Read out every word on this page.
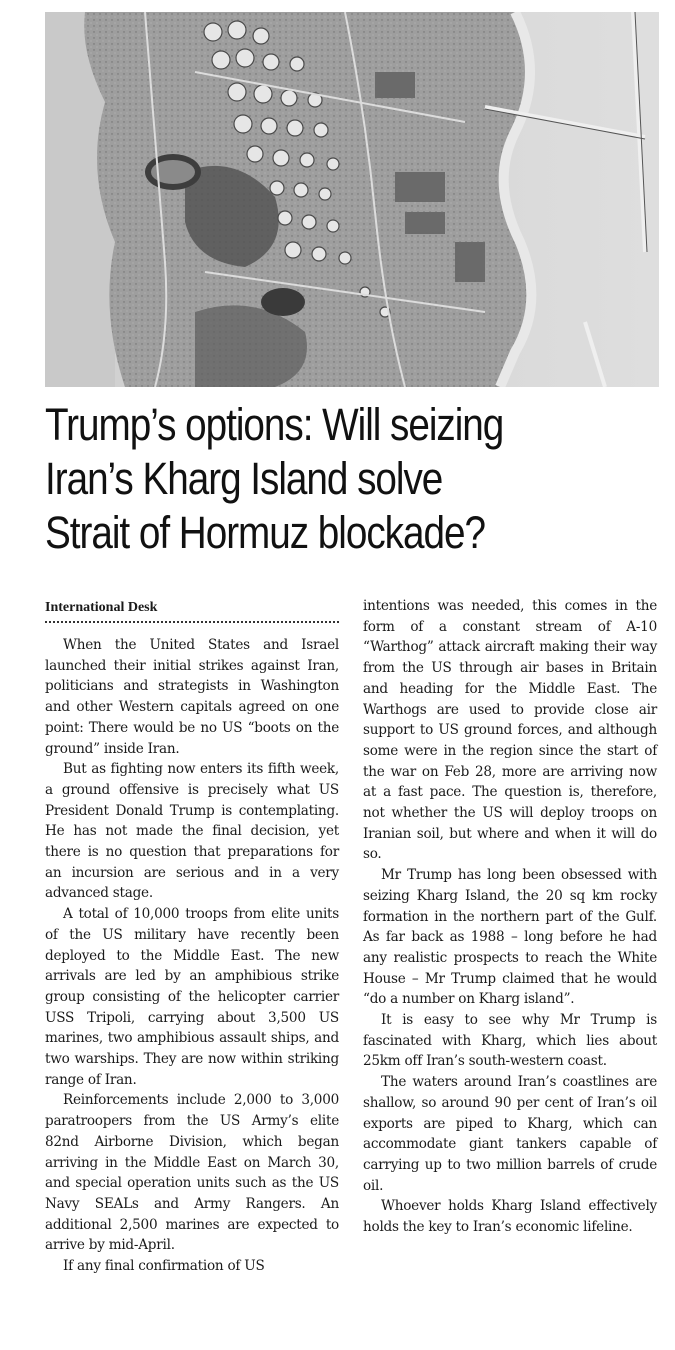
Trump’s options: Will seizing
Iran’s Kharg Island solve
Strait of Hormuz blockade?
International Desk

When the United States and Israel launched their initial strikes against Iran, politicians and strategists in Washington and other Western capitals agreed on one point: There would be no US “boots on the ground” inside Iran.

But as fighting now enters its fifth week, a ground offensive is precisely what US President Donald Trump is contemplating. He has not made the final decision, yet there is no question that preparations for an incursion are serious and in a very advanced stage.

A total of 10,000 troops from elite units of the US military have recently been deployed to the Middle East. The new arrivals are led by an amphibious strike group consisting of the helicopter carrier USS Tripoli, carrying about 3,500 US marines, two amphibious assault ships, and two warships. They are now within striking range of Iran.

Reinforcements include 2,000 to 3,000 paratroopers from the US Army’s elite 82nd Airborne Division, which began arriving in the Middle East on March 30, and special operation units such as the US Navy SEALs and Army Rangers. An additional 2,500 marines are expected to arrive by mid-April.

If any final confirmation of US

intentions was needed, this comes in the form of a constant stream of A-10 “Warthog” attack aircraft making their way from the US through air bases in Britain and heading for the Middle East. The Warthogs are used to provide close air support to US ground forces, and although some were in the region since the start of the war on Feb 28, more are arriving now at a fast pace. The question is, therefore, not whether the US will deploy troops on Iranian soil, but where and when it will do so.

Mr Trump has long been obsessed with seizing Kharg Island, the 20 sq km rocky formation in the northern part of the Gulf. As far back as 1988 – long before he had any realistic prospects to reach the White House – Mr Trump claimed that he would “do a number on Kharg island”.

It is easy to see why Mr Trump is fascinated with Kharg, which lies about 25km off Iran’s south-western coast.

The waters around Iran’s coastlines are shallow, so around 90 per cent of Iran’s oil exports are piped to Kharg, which can accommodate giant tankers capable of carrying up to two million barrels of crude oil.

Whoever holds Kharg Island effectively holds the key to Iran’s economic lifeline.
